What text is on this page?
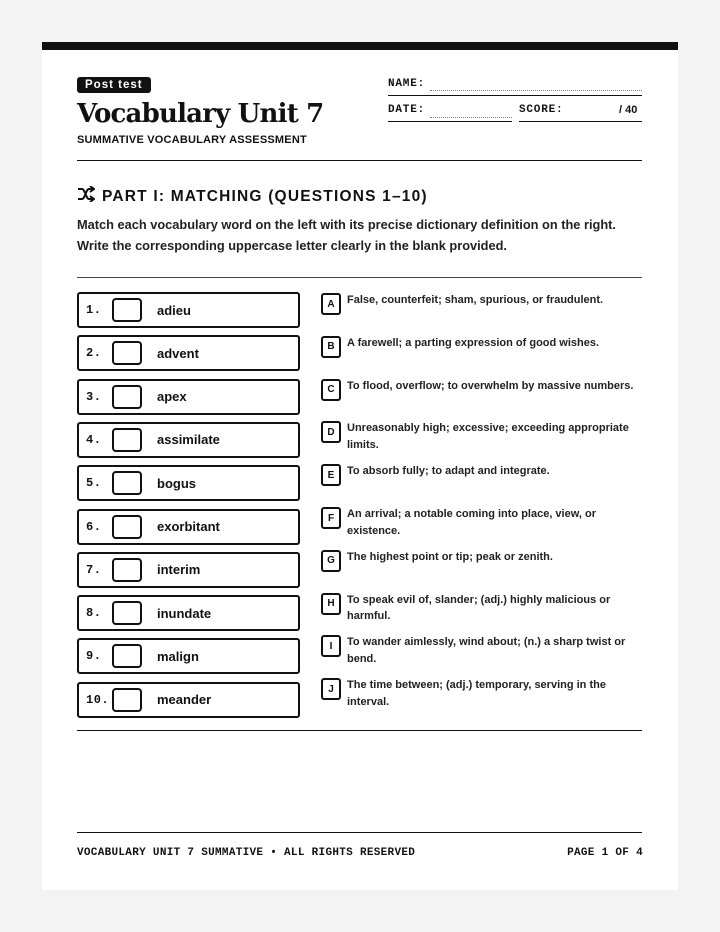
Post test
Vocabulary Unit 7
SUMMATIVE VOCABULARY ASSESSMENT
NAME:
DATE:	SCORE:	/ 40
PART I: MATCHING (QUESTIONS 1–10)
Match each vocabulary word on the left with its precise dictionary definition on the right. Write the corresponding uppercase letter clearly in the blank provided.
1.	adieu
2.	advent
3.	apex
4.	assimilate
5.	bogus
6.	exorbitant
7.	interim
8.	inundate
9.	malign
10.	meander
A	False, counterfeit; sham, spurious, or fraudulent.
B	A farewell; a parting expression of good wishes.
C	To flood, overflow; to overwhelm by massive numbers.
D	Unreasonably high; excessive; exceeding appropriate limits.
E	To absorb fully; to adapt and integrate.
F	An arrival; a notable coming into place, view, or existence.
G	The highest point or tip; peak or zenith.
H	To speak evil of, slander; (adj.) highly malicious or harmful.
I	To wander aimlessly, wind about; (n.) a sharp twist or bend.
J	The time between; (adj.) temporary, serving in the interval.
VOCABULARY UNIT 7 SUMMATIVE • ALL RIGHTS RESERVED	PAGE 1 OF 4
